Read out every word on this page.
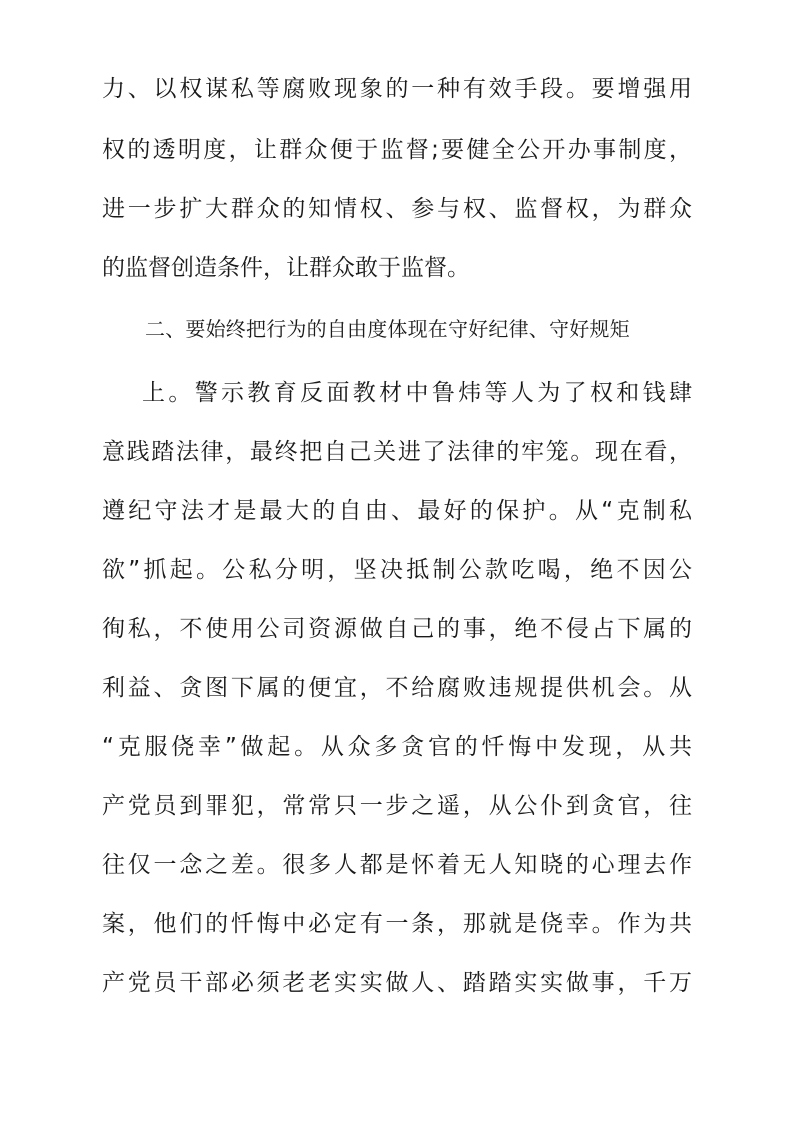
力、以权谋私等腐败现象的一种有效手段。要增强用
权的透明度，让群众便于监督;要健全公开办事制度，
进一步扩大群众的知情权、参与权、监督权，为群众
的监督创造条件，让群众敢于监督。
二、要始终把行为的自由度体现在守好纪律、守好规矩
上。警示教育反面教材中鲁炜等人为了权和钱肆
意践踏法律，最终把自己关进了法律的牢笼。现在看，
遵纪守法才是最大的自由、最好的保护。从“克制私
欲”抓起。公私分明，坚决抵制公款吃喝，绝不因公
徇私，不使用公司资源做自己的事，绝不侵占下属的
利益、贪图下属的便宜，不给腐败违规提供机会。从
“克服侥幸”做起。从众多贪官的忏悔中发现，从共
产党员到罪犯，常常只一步之遥，从公仆到贪官，往
往仅一念之差。很多人都是怀着无人知晓的心理去作
案，他们的忏悔中必定有一条，那就是侥幸。作为共
产党员干部必须老老实实做人、踏踏实实做事，千万
